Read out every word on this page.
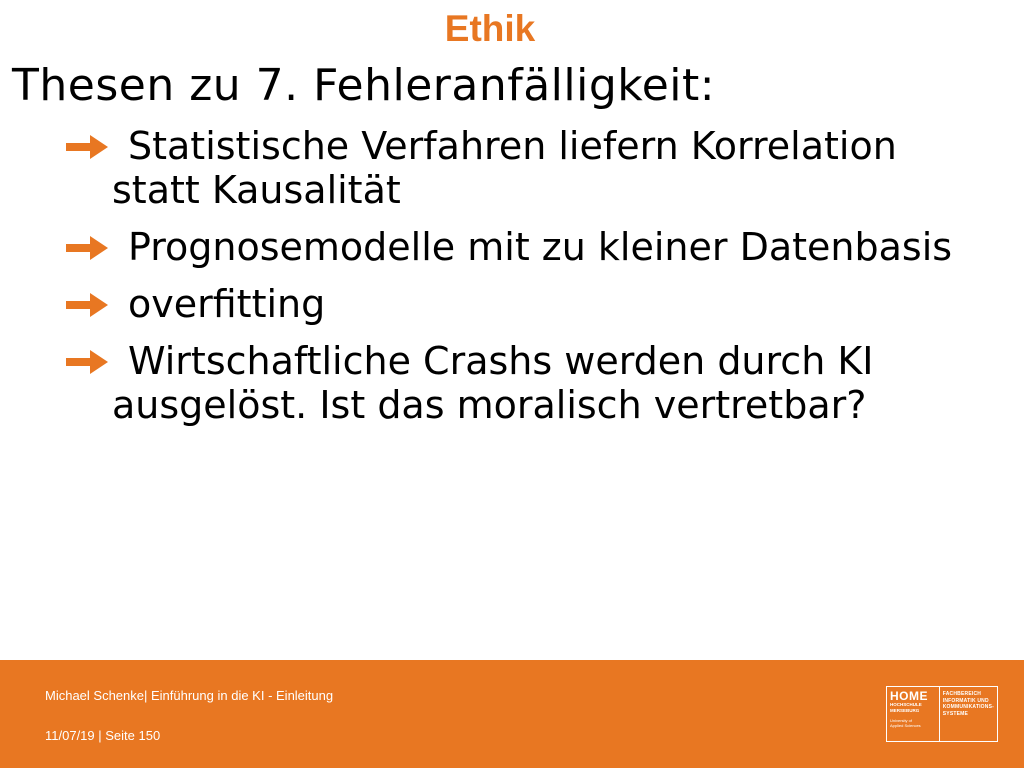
Ethik
Thesen zu 7. Fehleranfälligkeit:
Statistische Verfahren liefern Korrelation statt Kausalität
Prognosemodelle mit zu kleiner Datenbasis
overfitting
Wirtschaftliche Crashs werden durch KI ausgelöst. Ist das moralisch vertretbar?
Michael Schenke| Einführung in die KI - Einleitung
11/07/19 | Seite 150
HOME
HOCHSCHULE
MERSEBURG
University of
Applied Sciences
FACHBEREICH
INFORMATIK UND
KOMMUNIKATIONS-
SYSTEME
